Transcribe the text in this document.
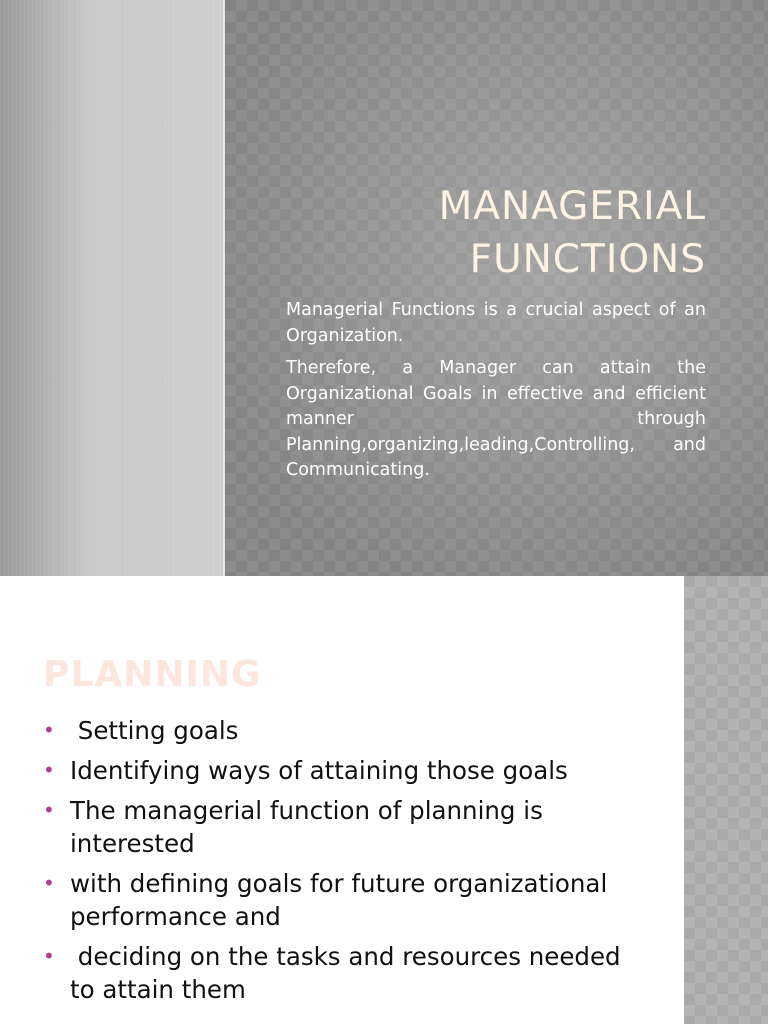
MANAGERIAL
FUNCTIONS

Managerial Functions is a crucial aspect of an Organization.

Therefore, a Manager can attain the Organizational Goals in effective and efficient manner through Planning,organizing,leading,Controlling, and Communicating.

PLANNING
• Setting goals
• Identifying ways of attaining those goals
• The managerial function of planning is interested
• with defining goals for future organizational performance and
• deciding on the tasks and resources needed to attain them
